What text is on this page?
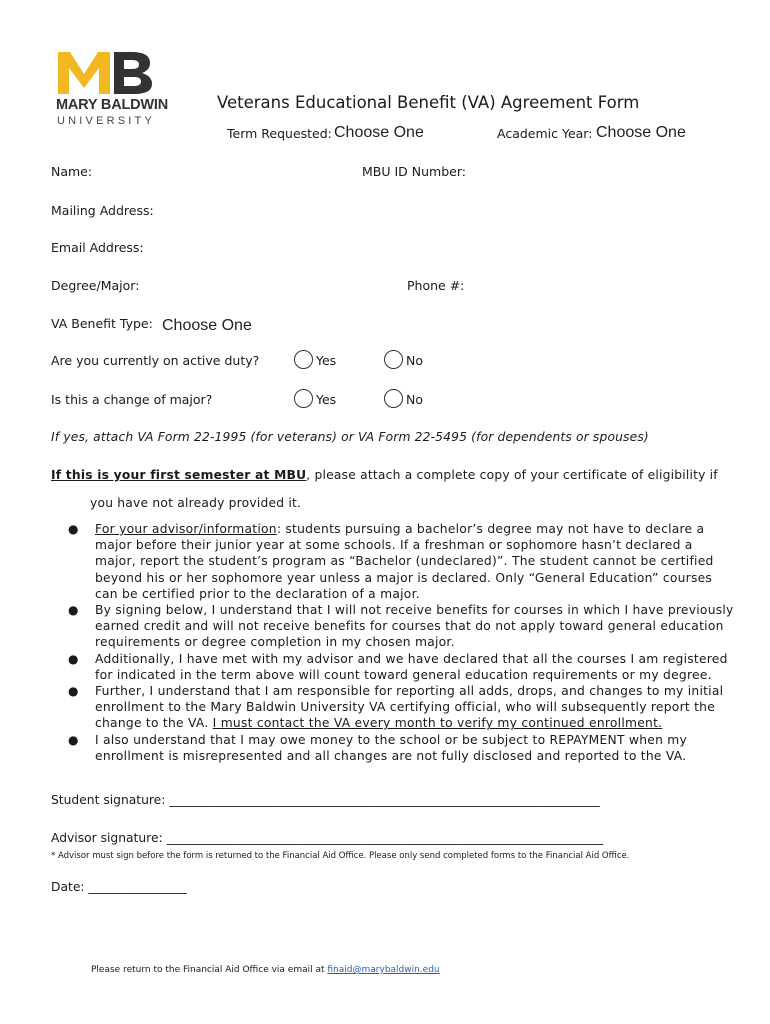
MARY BALDWIN
UNIVERSITY
Veterans Educational Benefit (VA) Agreement Form
Term Requested: Choose One	Academic Year: Choose One
Name:	MBU ID Number:
Mailing Address:
Email Address:
Degree/Major:	Phone #:
VA Benefit Type: Choose One
Are you currently on active duty?	Yes	No
Is this a change of major?	Yes	No
If yes, attach VA Form 22-1995 (for veterans) or VA Form 22-5495 (for dependents or spouses)
If this is your first semester at MBU, please attach a complete copy of your certificate of eligibility if
you have not already provided it.
● For your advisor/information: students pursuing a bachelor’s degree may not have to declare a major before their junior year at some schools. If a freshman or sophomore hasn’t declared a major, report the student’s program as “Bachelor (undeclared)”. The student cannot be certified beyond his or her sophomore year unless a major is declared. Only “General Education” courses can be certified prior to the declaration of a major.
● By signing below, I understand that I will not receive benefits for courses in which I have previously earned credit and will not receive benefits for courses that do not apply toward general education requirements or degree completion in my chosen major.
● Additionally, I have met with my advisor and we have declared that all the courses I am registered for indicated in the term above will count toward general education requirements or my degree.
● Further, I understand that I am responsible for reporting all adds, drops, and changes to my initial enrollment to the Mary Baldwin University VA certifying official, who will subsequently report the change to the VA. I must contact the VA every month to verify my continued enrollment.
● I also understand that I may owe money to the school or be subject to REPAYMENT when my enrollment is misrepresented and all changes are not fully disclosed and reported to the VA.
Student signature: ______________________________________________________________________
Advisor signature: _______________________________________________________________________
* Advisor must sign before the form is returned to the Financial Aid Office. Please only send completed forms to the Financial Aid Office.
Date: ________________
Please return to the Financial Aid Office via email at finaid@marybaldwin.edu
